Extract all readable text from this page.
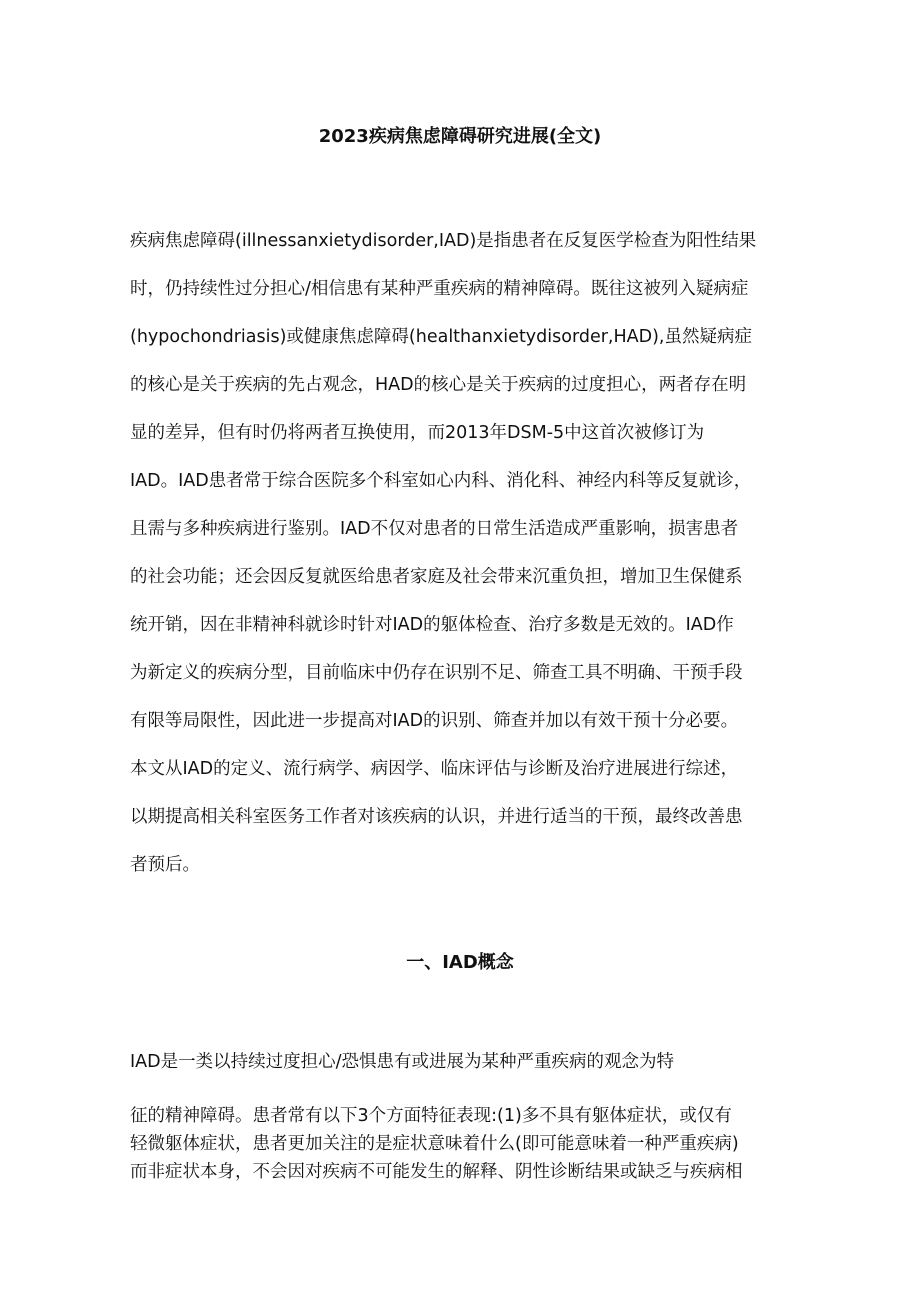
2023疾病焦虑障碍研究进展(全文)

疾病焦虑障碍(illnessanxietydisorder,IAD)是指患者在反复医学检查为阳性结果

时，仍持续性过分担心/相信患有某种严重疾病的精神障碍。既往这被列入疑病症

(hypochondriasis)或健康焦虑障碍(healthanxietydisorder,HAD),虽然疑病症

的核心是关于疾病的先占观念，HAD的核心是关于疾病的过度担心，两者存在明

显的差异，但有时仍将两者互换使用，而2013年DSM-5中这首次被修订为

IAD。IAD患者常于综合医院多个科室如心内科、消化科、神经内科等反复就诊，

且需与多种疾病进行鉴别。IAD不仅对患者的日常生活造成严重影响，损害患者

的社会功能；还会因反复就医给患者家庭及社会带来沉重负担，增加卫生保健系

统开销，因在非精神科就诊时针对IAD的躯体检查、治疗多数是无效的。IAD作

为新定义的疾病分型，目前临床中仍存在识别不足、筛查工具不明确、干预手段

有限等局限性，因此进一步提高对IAD的识别、筛查并加以有效干预十分必要。

本文从IAD的定义、流行病学、病因学、临床评估与诊断及治疗进展进行综述，

以期提高相关科室医务工作者对该疾病的认识，并进行适当的干预，最终改善患

者预后。

一、IAD概念

IAD是一类以持续过度担心/恐惧患有或进展为某种严重疾病的观念为特

征的精神障碍。患者常有以下3个方面特征表现:(1)多不具有躯体症状，或仅有
轻微躯体症状，患者更加关注的是症状意味着什么(即可能意味着一种严重疾病)
而非症状本身，不会因对疾病不可能发生的解释、阴性诊断结果或缺乏与疾病相
